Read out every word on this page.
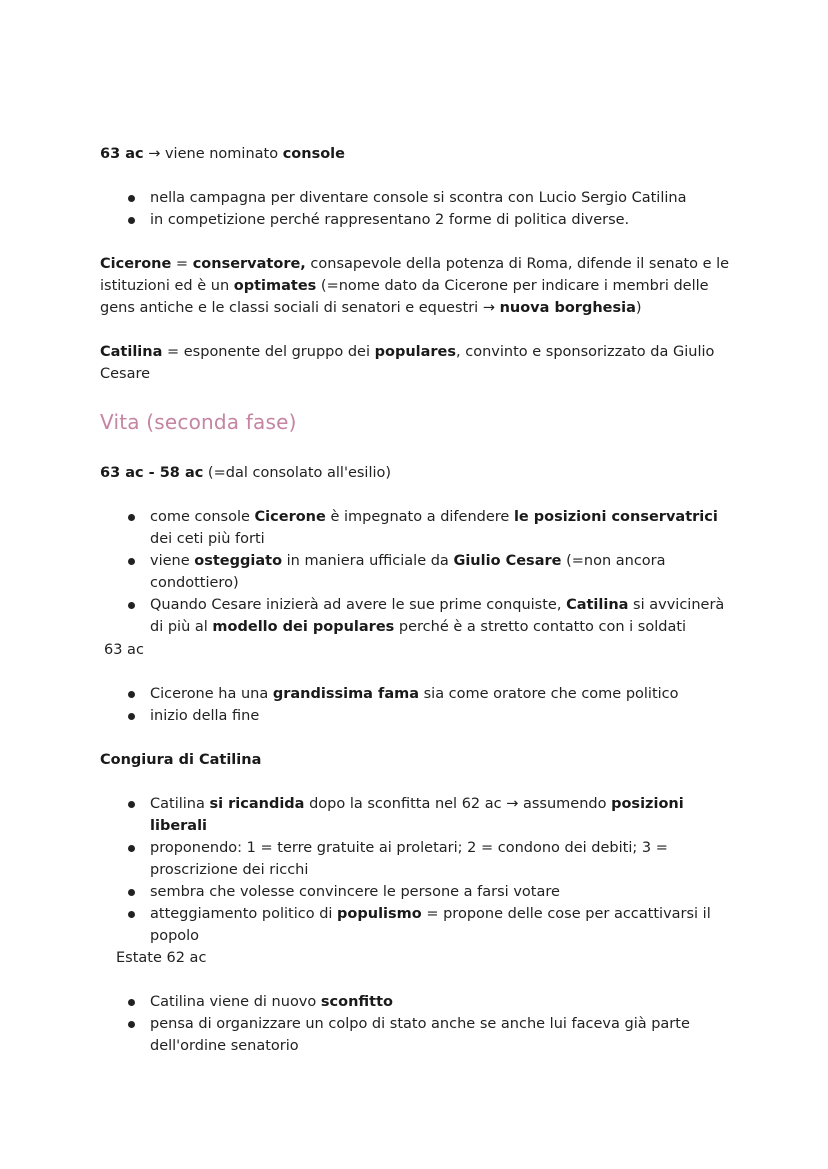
63 ac → viene nominato console

nella campagna per diventare console si scontra con Lucio Sergio Catilina
in competizione perché rappresentano 2 forme di politica diverse.

Cicerone = conservatore, consapevole della potenza di Roma, difende il senato e le istituzioni ed è un optimates (=nome dato da Cicerone per indicare i membri delle gens antiche e le classi sociali di senatori e equestri → nuova borghesia)

Catilina = esponente del gruppo dei populares, convinto e sponsorizzato da Giulio Cesare

Vita (seconda fase)

63 ac - 58 ac (=dal consolato all'esilio)

come console Cicerone è impegnato a difendere le posizioni conservatrici dei ceti più forti
viene osteggiato in maniera ufficiale da Giulio Cesare (=non ancora condottiero)
Quando Cesare inizierà ad avere le sue prime conquiste, Catilina si avvicinerà di più al modello dei populares perché è a stretto contatto con i soldati

63 ac

Cicerone ha una grandissima fama sia come oratore che come politico
inizio della fine

Congiura di Catilina

Catilina si ricandida dopo la sconfitta nel 62 ac → assumendo posizioni liberali
proponendo: 1 = terre gratuite ai proletari; 2 = condono dei debiti; 3 = proscrizione dei ricchi
sembra che volesse convincere le persone a farsi votare
atteggiamento politico di populismo = propone delle cose per accattivarsi il popolo

Estate 62 ac

Catilina viene di nuovo sconfitto
pensa di organizzare un colpo di stato anche se anche lui faceva già parte dell'ordine senatorio
